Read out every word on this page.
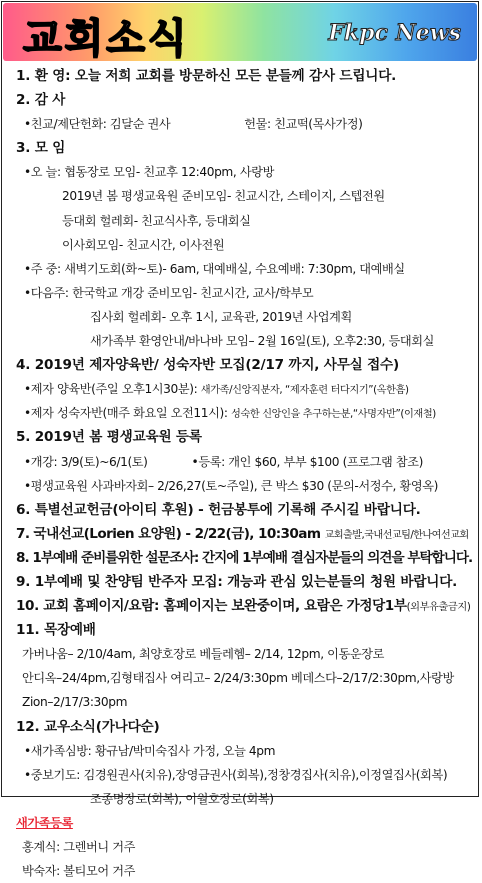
교회소식	Fkpc News
1. 환 영: 오늘 저희 교회를 방문하신 모든 분들께 감사 드립니다.
2. 감 사
•친교/제단헌화: 김달순 권사	헌물: 친교떡(목사가정)
3. 모 임
•오 늘: 협동장로 모임- 친교후 12:40pm, 사랑방
2019년 봄 평생교육원 준비모임- 친교시간, 스테이지, 스텝전원
등대회 헐레회- 친교식사후, 등대회실
이사회모임- 친교시간, 이사전원
•주 중: 새벽기도회(화~토)- 6am, 대예배실, 수요예배: 7:30pm, 대예배실
•다음주: 한국학교 개강 준비모임- 친교시간, 교사/학부모
집사회 헐레회- 오후 1시, 교육관, 2019년 사업계획
새가족부 환영안내/바나바 모임– 2월 16일(토), 오후2:30, 등대회실
4. 2019년 제자양육반/ 성숙자반 모집(2/17 까지, 사무실 접수)
•제자 양육반(주일 오후1시30분): 새가족/신앙직분자, “제자훈련 터다지기”(옥한흠)
•제자 성숙자반(매주 화요일 오전11시): 성숙한 신앙인을 추구하는분,“사명자반”(이재철)
5. 2019년 봄 평생교육원 등록
•개강: 3/9(토)~6/1(토)	•등록: 개인 $60, 부부 $100 (프로그램 참조)
•평생교육원 사과바자회– 2/26,27(토~주일), 큰 박스 $30 (문의-서정수, 황영옥)
6. 특별선교헌금(아이티 후원) - 헌금봉투에 기록해 주시길 바랍니다.
7. 국내선교(Lorien 요양원) - 2/22(금), 10:30am 교회출발,국내선교팀/한나여선교회
8. 1부예배 준비를위한 설문조사: 간지에 1부예배 결심자분들의 의견을 부탁합니다.
9. 1부예배 및 찬양팀 반주자 모집: 개능과 관심 있는분들의 청원 바랍니다.
10. 교회 홈페이지/요람: 홈페이지는 보완중이며, 요람은 가정당1부(외부유출금지)
11. 목장예배
가버나움– 2/10/4am, 최양호장로 베들레헴– 2/14, 12pm, 이동운장로
안디옥–24/4pm,김형태집사 여리고– 2/24/3:30pm 베데스다–2/17/2:30pm,사랑방
Zion–2/17/3:30pm
12. 교우소식(가나다순)
•새가족심방: 황규남/박미숙집사 가정, 오늘 4pm
•중보기도: 김경원권사(치유),장영금권사(회복),정창경집사(치유),이정열집사(회복)
조종명장로(회복), 이월호장로(회복)
새가족등록
홍계식: 그렌버니 거주
박숙자: 볼티모어 거주
